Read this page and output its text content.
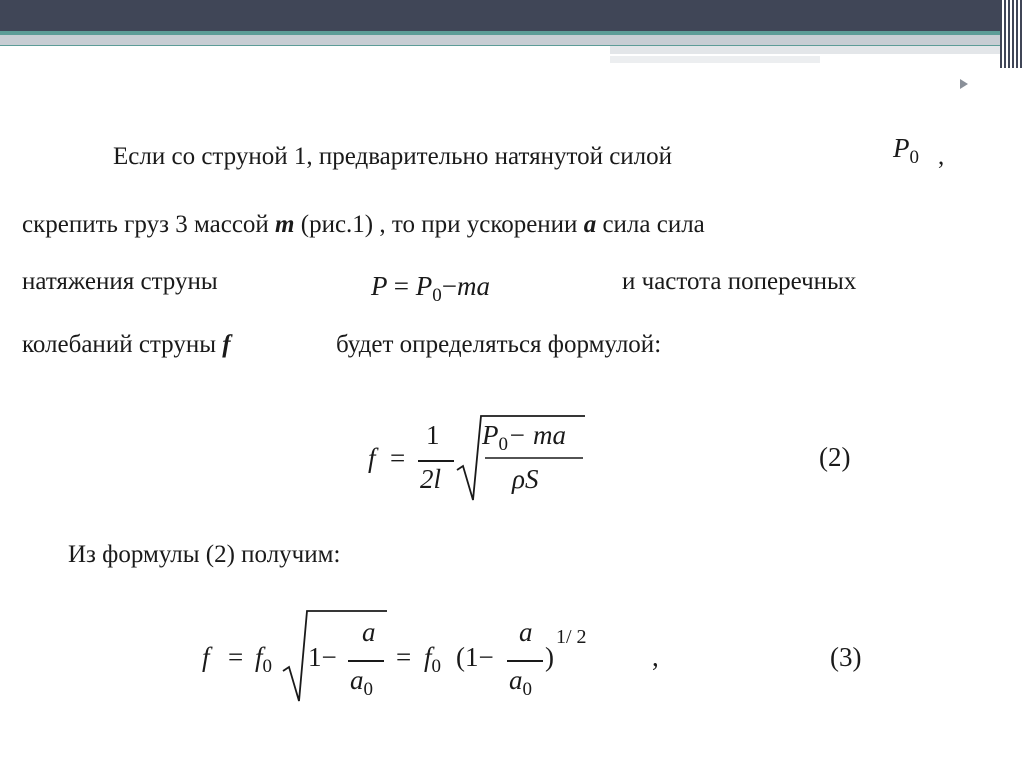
Если со струной 1, предварительно натянутой силой	$P_0$ ,
скрепить груз 3 массой m (рис.1) , то при ускорении a сила сила
натяжения струны	$P = P_0-ma$	и частота поперечных
колебаний струны f	будет определяться формулой:
f =
1
2l
$P_0-$ ma
ρS
(2)
Из формулы (2) получим:
$f = f_0$ 1−
a
$a_0$
= $f_0$ (1−
a
$a_0$
)
1/ 2
,	(3)
